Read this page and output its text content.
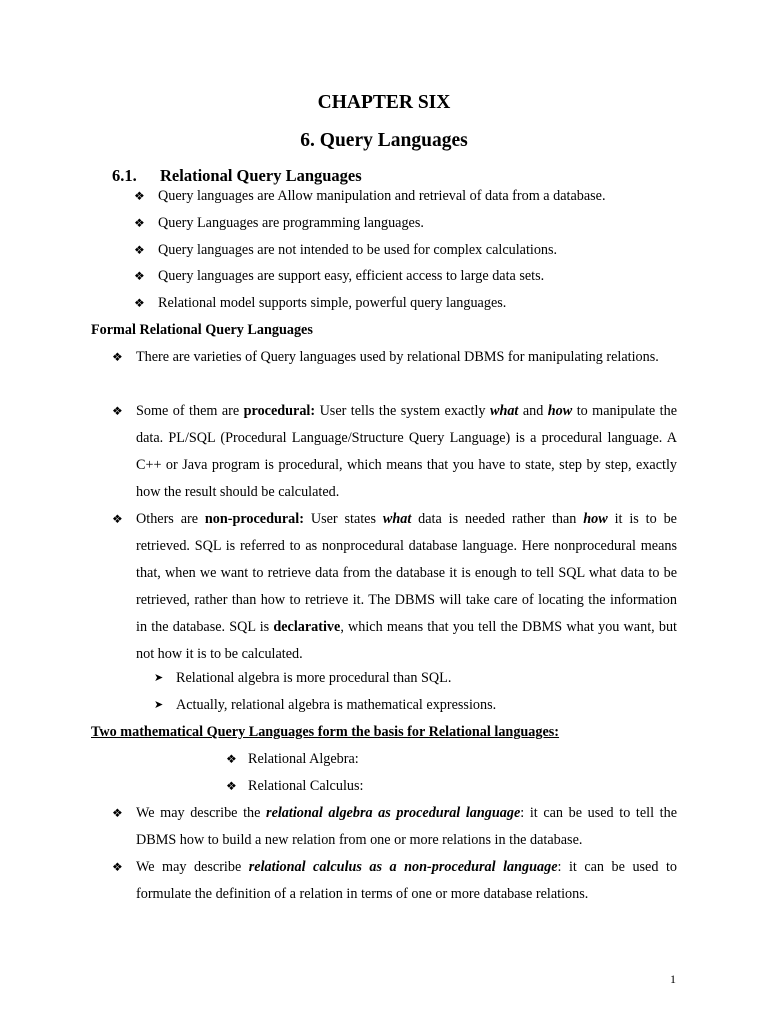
CHAPTER SIX
6. Query Languages
6.1. Relational Query Languages
❖ Query languages are Allow manipulation and retrieval of data from a database.
❖ Query Languages are programming languages.
❖ Query languages are not intended to be used for complex calculations.
❖ Query languages are support easy, efficient access to large data sets.
❖ Relational model supports simple, powerful query languages.
Formal Relational Query Languages
❖ There are varieties of Query languages used by relational DBMS for manipulating relations.
❖ Some of them are procedural: User tells the system exactly what and how to manipulate the data. PL/SQL (Procedural Language/Structure Query Language) is a procedural language. A C++ or Java program is procedural, which means that you have to state, step by step, exactly how the result should be calculated.
❖ Others are non-procedural: User states what data is needed rather than how it is to be retrieved. SQL is referred to as nonprocedural database language. Here nonprocedural means that, when we want to retrieve data from the database it is enough to tell SQL what data to be retrieved, rather than how to retrieve it. The DBMS will take care of locating the information in the database. SQL is declarative, which means that you tell the DBMS what you want, but not how it is to be calculated.
➤ Relational algebra is more procedural than SQL.
➤ Actually, relational algebra is mathematical expressions.
Two mathematical Query Languages form the basis for Relational languages:
❖ Relational Algebra:
❖ Relational Calculus:
❖ We may describe the relational algebra as procedural language: it can be used to tell the DBMS how to build a new relation from one or more relations in the database.
❖ We may describe relational calculus as a non-procedural language: it can be used to formulate the definition of a relation in terms of one or more database relations.
1
